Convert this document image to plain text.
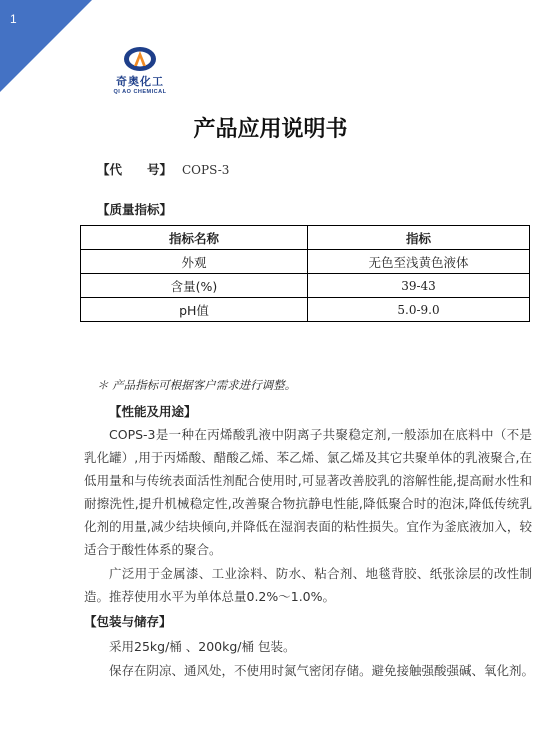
1
奇奥化工
QI AO CHEMICAL
产品应用说明书
【代　　号】 COPS-3
【质量指标】
指标名称	指标
外观	无色至浅黄色液体
含量(%)	39-43
pH值	5.0-9.0
＊ 产品指标可根据客户需求进行调整。
【性能及用途】
COPS-3是一种在丙烯酸乳液中阴离子共聚稳定剂,一般添加在底料中（不是乳化罐）,用于丙烯酸、醋酸乙烯、苯乙烯、氯乙烯及其它共聚单体的乳液聚合,在低用量和与传统表面活性剂配合使用时,可显著改善胶乳的溶解性能,提高耐水性和耐擦洗性,提升机械稳定性,改善聚合物抗静电性能,降低聚合时的泡沫,降低传统乳化剂的用量,减少结块倾向,并降低在湿润表面的粘性损失。宜作为釜底液加入，较适合于酸性体系的聚合。
广泛用于金属漆、工业涂料、防水、粘合剂、地毯背胶、纸张涂层的改性制造。推荐使用水平为单体总量0.2%～1.0%。
【包装与储存】
采用25kg/桶 、200kg/桶 包装。
保存在阴凉、通风处，不使用时氮气密闭存储。避免接触强酸强碱、氧化剂。
